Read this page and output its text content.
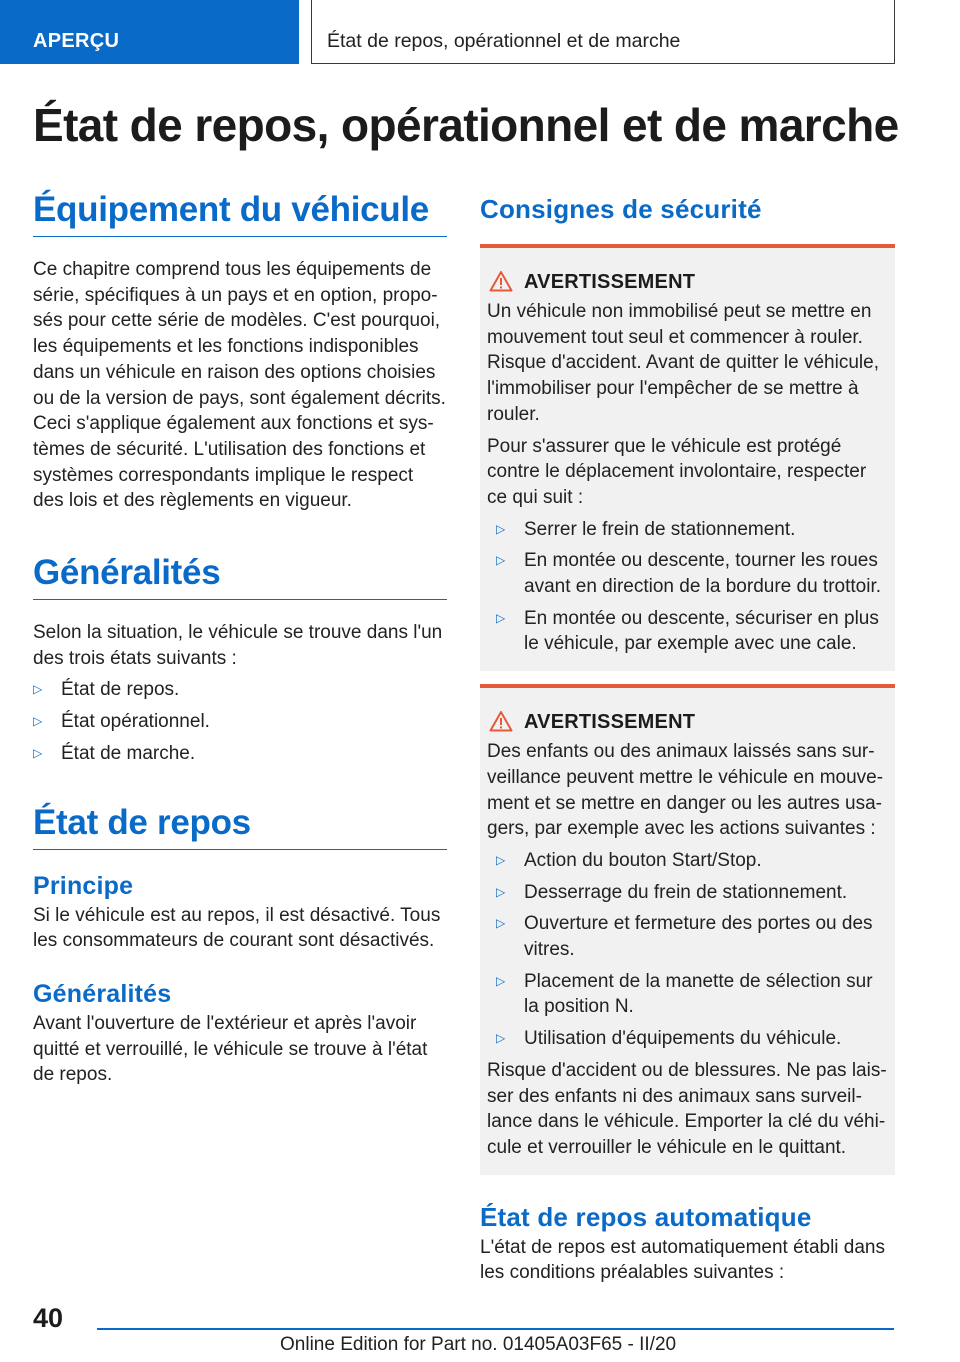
APERÇU	État de repos, opérationnel et de marche
État de repos, opérationnel et de marche
Équipement du véhicule
Ce chapitre comprend tous les équipements de
série, spécifiques à un pays et en option, propo-
sés pour cette série de modèles. C'est pourquoi,
les équipements et les fonctions indisponibles
dans un véhicule en raison des options choisies
ou de la version de pays, sont également décrits.
Ceci s'applique également aux fonctions et sys-
tèmes de sécurité. L'utilisation des fonctions et
systèmes correspondants implique le respect
des lois et des règlements en vigueur.
Généralités
Selon la situation, le véhicule se trouve dans l'un
des trois états suivants :
▷ État de repos.
▷ État opérationnel.
▷ État de marche.
État de repos
Principe
Si le véhicule est au repos, il est désactivé. Tous
les consommateurs de courant sont désactivés.
Généralités
Avant l'ouverture de l'extérieur et après l'avoir
quitté et verrouillé, le véhicule se trouve à l'état
de repos.
Consignes de sécurité
AVERTISSEMENT
Un véhicule non immobilisé peut se mettre en
mouvement tout seul et commencer à rouler.
Risque d'accident. Avant de quitter le véhicule,
l'immobiliser pour l'empêcher de se mettre à
rouler.
Pour s'assurer que le véhicule est protégé
contre le déplacement involontaire, respecter
ce qui suit :
▷ Serrer le frein de stationnement.
▷ En montée ou descente, tourner les roues
avant en direction de la bordure du trottoir.
▷ En montée ou descente, sécuriser en plus
le véhicule, par exemple avec une cale.
AVERTISSEMENT
Des enfants ou des animaux laissés sans sur-
veillance peuvent mettre le véhicule en mouve-
ment et se mettre en danger ou les autres usa-
gers, par exemple avec les actions suivantes :
▷ Action du bouton Start/Stop.
▷ Desserrage du frein de stationnement.
▷ Ouverture et fermeture des portes ou des
vitres.
▷ Placement de la manette de sélection sur
la position N.
▷ Utilisation d'équipements du véhicule.
Risque d'accident ou de blessures. Ne pas lais-
ser des enfants ni des animaux sans surveil-
lance dans le véhicule. Emporter la clé du véhi-
cule et verrouiller le véhicule en le quittant.
État de repos automatique
L'état de repos est automatiquement établi dans
les conditions préalables suivantes :
40
Online Edition for Part no. 01405A03F65 - II/20
